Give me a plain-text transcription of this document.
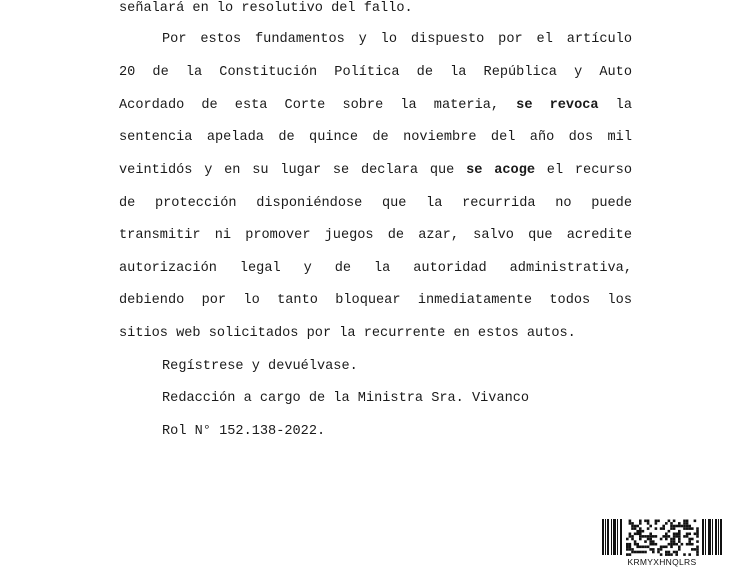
señalará en lo resolutivo del fallo.
Por estos fundamentos y lo dispuesto por el artículo
20 de la Constitución Política de la República y Auto
Acordado de esta Corte sobre la materia, se revoca la
sentencia apelada de quince de noviembre del año dos mil
veintidós y en su lugar se declara que se acoge el recurso
de protección disponiéndose que la recurrida no puede
transmitir ni promover juegos de azar, salvo que acredite
autorización legal y de la autoridad administrativa,
debiendo por lo tanto bloquear inmediatamente todos los
sitios web solicitados por la recurrente en estos autos.
Regístrese y devuélvase.
Redacción a cargo de la Ministra Sra. Vivanco
Rol N° 152.138-2022.
KRMYXHNQLRS
